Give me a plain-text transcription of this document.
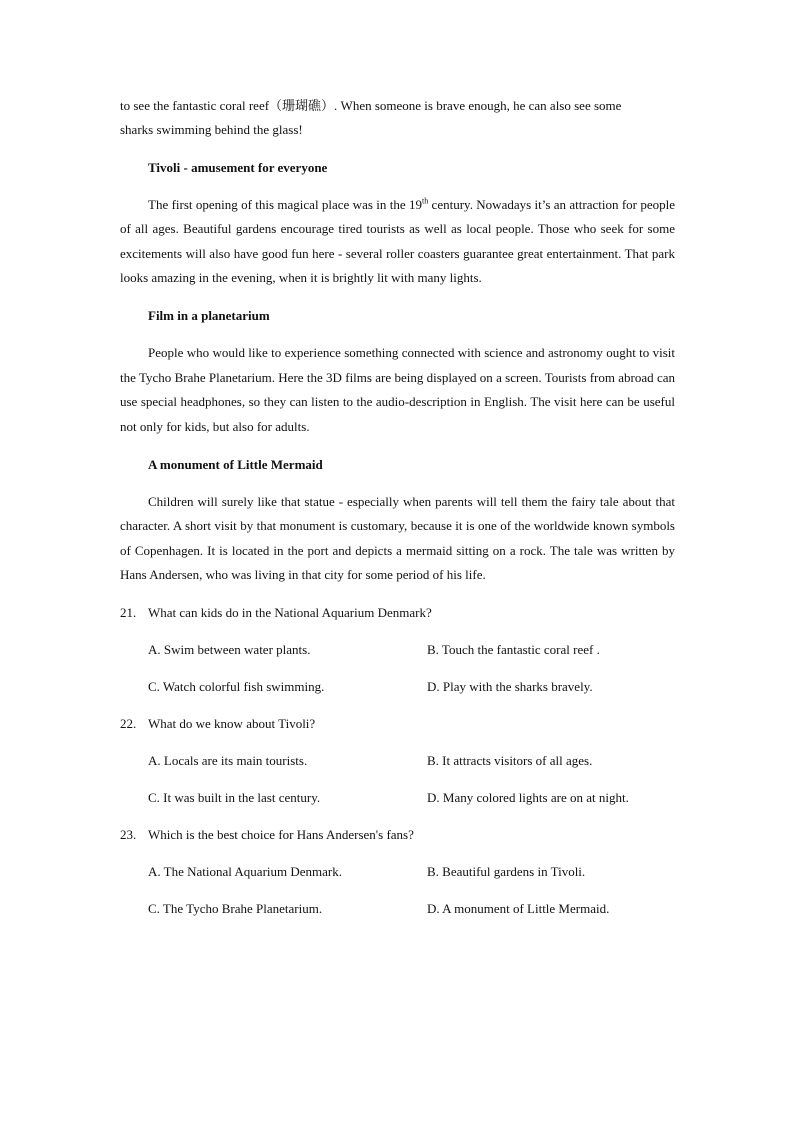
to see the fantastic coral reef（珊瑚礁）. When someone is brave enough, he can also see some
sharks swimming behind the glass!

Tivoli - amusement for everyone

The first opening of this magical place was in the 19th century. Nowadays it’s an attraction for people of all ages. Beautiful gardens encourage tired tourists as well as local people. Those who seek for some excitements will also have good fun here - several roller coasters guarantee great entertainment. That park looks amazing in the evening, when it is brightly lit with many lights.

Film in a planetarium

People who would like to experience something connected with science and astronomy ought to visit the Tycho Brahe Planetarium. Here the 3D films are being displayed on a screen. Tourists from abroad can use special headphones, so they can listen to the audio-description in English. The visit here can be useful not only for kids, but also for adults.

A monument of Little Mermaid

Children will surely like that statue - especially when parents will tell them the fairy tale about that character. A short visit by that monument is customary, because it is one of the worldwide known symbols of Copenhagen. It is located in the port and depicts a mermaid sitting on a rock. The tale was written by Hans Andersen, who was living in that city for some period of his life.

21. What can kids do in the National Aquarium Denmark?
A. Swim between water plants.	B. Touch the fantastic coral reef .
C. Watch colorful fish swimming.	D. Play with the sharks bravely.
22. What do we know about Tivoli?
A. Locals are its main tourists.	B. It attracts visitors of all ages.
C. It was built in the last century.	D. Many colored lights are on at night.
23. Which is the best choice for Hans Andersen's fans?
A. The National Aquarium Denmark.	B. Beautiful gardens in Tivoli.
C. The Tycho Brahe Planetarium.	D. A monument of Little Mermaid.
